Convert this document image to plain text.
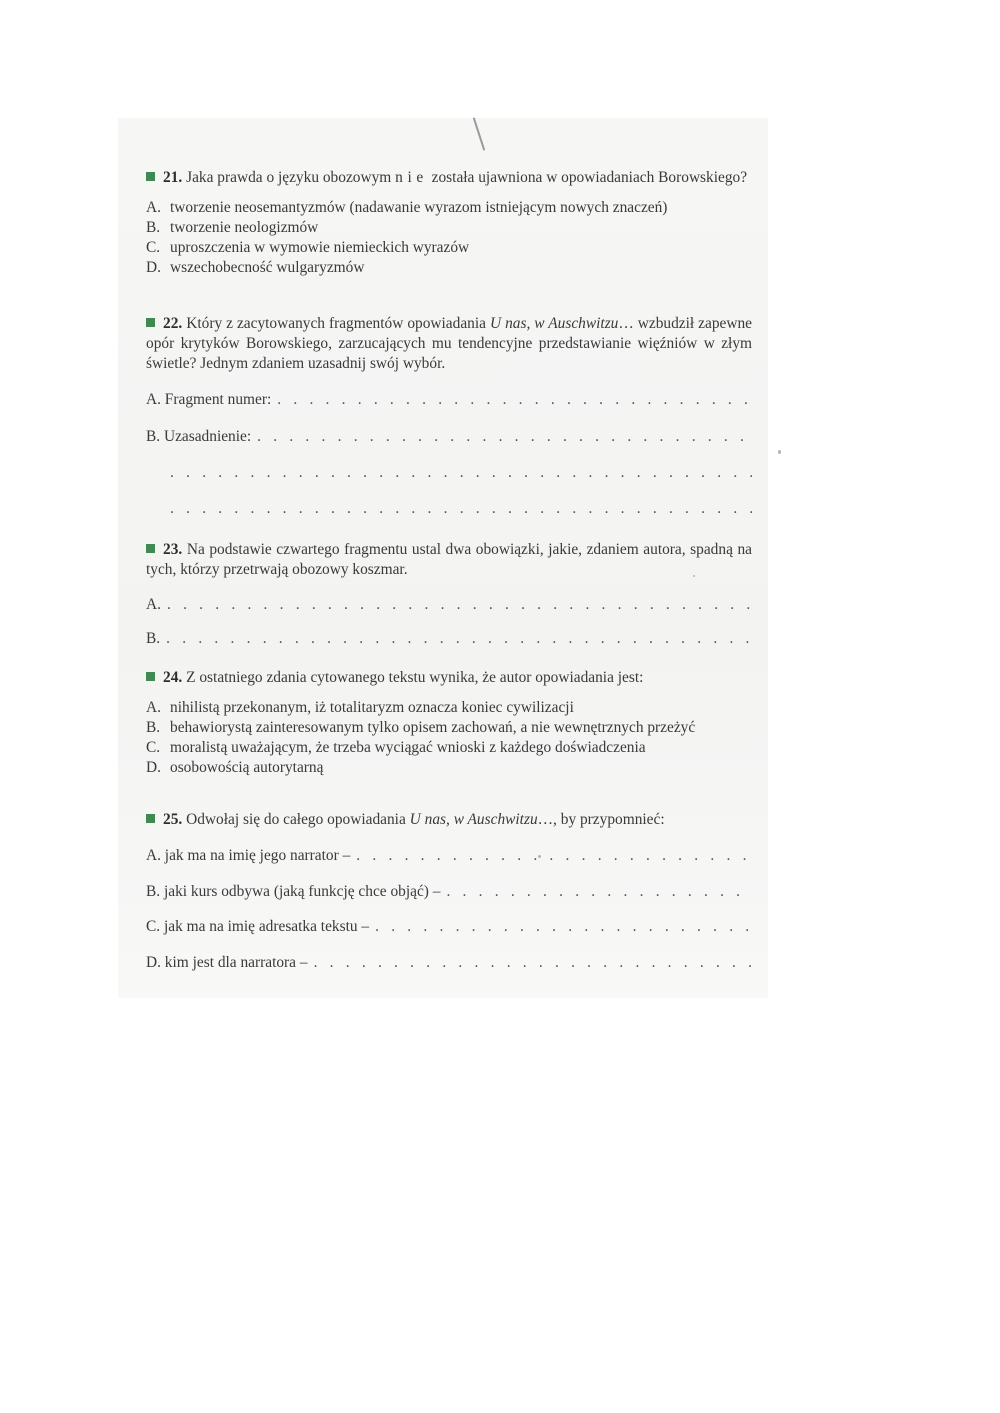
21. Jaka prawda o języku obozowym nie została ujawniona w opowiadaniach Borowskiego?

A. tworzenie neosemantyzmów (nadawanie wyrazom istniejącym nowych znaczeń)

B. tworzenie neologizmów

C. uproszczenia w wymowie niemieckich wyrazów

D. wszechobecność wulgaryzmów

22. Który z zacytowanych fragmentów opowiadania U nas, w Auschwitzu… wzbudził zapewne opór krytyków Borowskiego, zarzucających mu tendencyjne przedstawianie więźniów w złym świetle? Jednym zdaniem uzasadnij swój wybór.

A. Fragment numer:
. . .
B. Uzasadnienie:
. . .
. . .
. . .

23. Na podstawie czwartego fragmentu ustal dwa obowiązki, jakie, zdaniem autora, spadną na tych, którzy przetrwają obozowy koszmar.

A.
. . .
B.
. . .

24. Z ostatniego zdania cytowanego tekstu wynika, że autor opowiadania jest:

A. nihilistą przekonanym, iż totalitaryzm oznacza koniec cywilizacji

B. behawiorystą zainteresowanym tylko opisem zachowań, a nie wewnętrznych przeżyć

C. moralistą uważającym, że trzeba wyciągać wnioski z każdego doświadczenia

D. osobowością autorytarną

25. Odwołaj się do całego opowiadania U nas, w Auschwitzu…, by przypomnieć:

A. jak ma na imię jego narrator –
. . .
B. jaki kurs odbywa (jaką funkcję chce objąć) –
. . .
C. jak ma na imię adresatka tekstu –
. . .
D. kim jest dla narratora –
. . .
